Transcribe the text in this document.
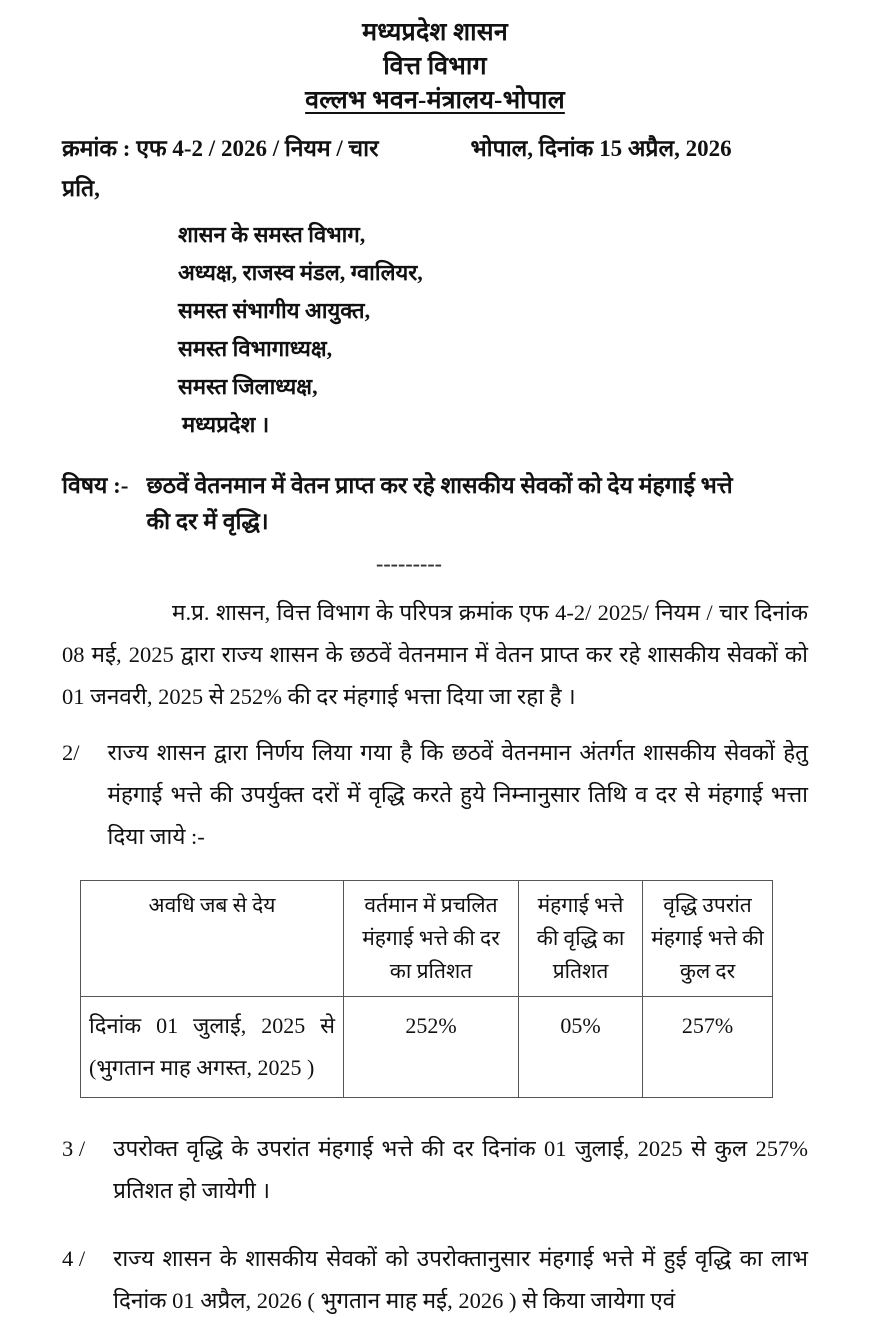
मध्यप्रदेश शासन
वित्त विभाग
वल्लभ भवन-मंत्रालय-भोपाल
क्रमांक : एफ 4-2 / 2026 / नियम / चार	भोपाल, दिनांक 15 अप्रैल, 2026
प्रति,
शासन के समस्त विभाग,
अध्यक्ष, राजस्व मंडल, ग्वालियर,
समस्त संभागीय आयुक्त,
समस्त विभागाध्यक्ष,
समस्त जिलाध्यक्ष,
मध्यप्रदेश ।
विषय :- छठवें वेतनमान में वेतन प्राप्त कर रहे शासकीय सेवकों को देय मंहगाई भत्ते की दर में वृद्धि।
---------
म.प्र. शासन, वित्त विभाग के परिपत्र क्रमांक एफ 4-2/ 2025/ नियम / चार दिनांक 08 मई, 2025 द्वारा राज्य शासन के छठवें वेतनमान में वेतन प्राप्त कर रहे शासकीय सेवकों को 01 जनवरी, 2025 से 252% की दर मंहगाई भत्ता दिया जा रहा है ।
2/ राज्य शासन द्वारा निर्णय लिया गया है कि छठवें वेतनमान अंतर्गत शासकीय सेवकों हेतु मंहगाई भत्ते की उपर्युक्त दरों में वृद्धि करते हुये निम्नानुसार तिथि व दर से मंहगाई भत्ता दिया जाये :-
अवधि जब से देय	वर्तमान में प्रचलित मंहगाई भत्ते की दर का प्रतिशत	मंहगाई भत्ते की वृद्धि का प्रतिशत	वृद्धि उपरांत मंहगाई भत्ते की कुल दर

दिनांक 01 जुलाई, 2025 से
(भुगतान माह अगस्त, 2025 )	252%	05%	257%
3 / उपरोक्त वृद्धि के उपरांत मंहगाई भत्ते की दर दिनांक 01 जुलाई, 2025 से कुल 257% प्रतिशत हो जायेगी ।
4 / राज्य शासन के शासकीय सेवकों को उपरोक्तानुसार मंहगाई भत्ते में हुई वृद्धि का लाभ दिनांक 01 अप्रैल, 2026 ( भुगतान माह मई, 2026 ) से किया जायेगा एवं
